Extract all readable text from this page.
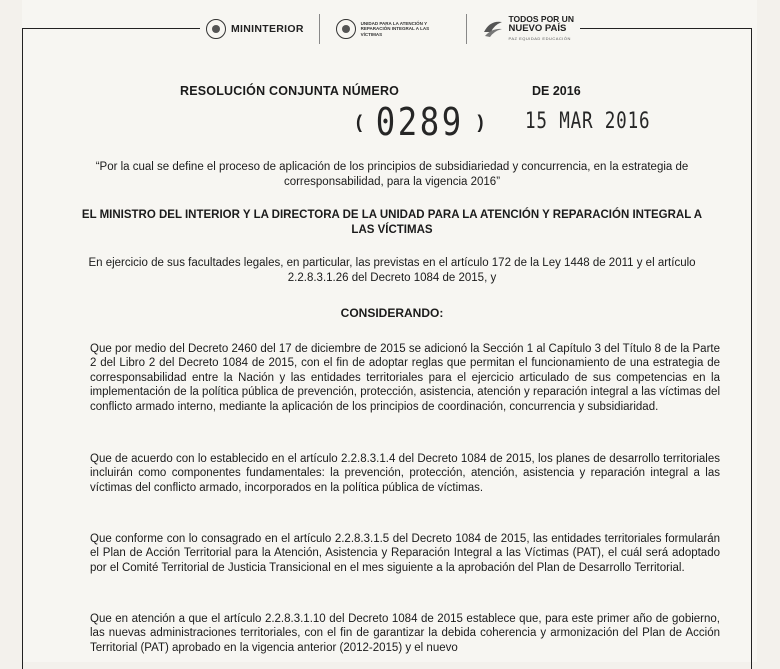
MININTERIOR	UNIDAD PARA LA ATENCIÓN Y REPARACIÓN INTEGRAL A LAS VÍCTIMAS
TODOS POR UN
NUEVO PAÍS
PAZ EQUIDAD EDUCACIÓN
RESOLUCIÓN CONJUNTA NÚMERO	DE 2016
( 0289 ) 15 MAR 2016
“Por la cual se define el proceso de aplicación de los principios de subsidiariedad y concurrencia, en la estrategia de corresponsabilidad, para la vigencia 2016”
EL MINISTRO DEL INTERIOR Y LA DIRECTORA DE LA UNIDAD PARA LA ATENCIÓN Y REPARACIÓN INTEGRAL A LAS VÍCTIMAS
En ejercicio de sus facultades legales, en particular, las previstas en el artículo 172 de la Ley 1448 de 2011 y el artículo 2.2.8.3.1.26 del Decreto 1084 de 2015, y
CONSIDERANDO:

Que por medio del Decreto 2460 del 17 de diciembre de 2015 se adicionó la Sección 1 al Capítulo 3 del Título 8 de la Parte 2 del Libro 2 del Decreto 1084 de 2015, con el fin de adoptar reglas que permitan el funcionamiento de una estrategia de corresponsabilidad entre la Nación y las entidades territoriales para el ejercicio articulado de sus competencias en la implementación de la política pública de prevención, protección, asistencia, atención y reparación integral a las víctimas del conflicto armado interno, mediante la aplicación de los principios de coordinación, concurrencia y subsidiaridad.

Que de acuerdo con lo establecido en el artículo 2.2.8.3.1.4 del Decreto 1084 de 2015, los planes de desarrollo territoriales incluirán como componentes fundamentales: la prevención, protección, atención, asistencia y reparación integral a las víctimas del conflicto armado, incorporados en la política pública de víctimas.

Que conforme con lo consagrado en el artículo 2.2.8.3.1.5 del Decreto 1084 de 2015, las entidades territoriales formularán el Plan de Acción Territorial para la Atención, Asistencia y Reparación Integral a las Víctimas (PAT), el cuál será adoptado por el Comité Territorial de Justicia Transicional en el mes siguiente a la aprobación del Plan de Desarrollo Territorial.

Que en atención a que el artículo 2.2.8.3.1.10 del Decreto 1084 de 2015 establece que, para este primer año de gobierno, las nuevas administraciones territoriales, con el fin de garantizar la debida coherencia y armonización del Plan de Acción Territorial (PAT) aprobado en la vigencia anterior (2012-2015) y el nuevo
